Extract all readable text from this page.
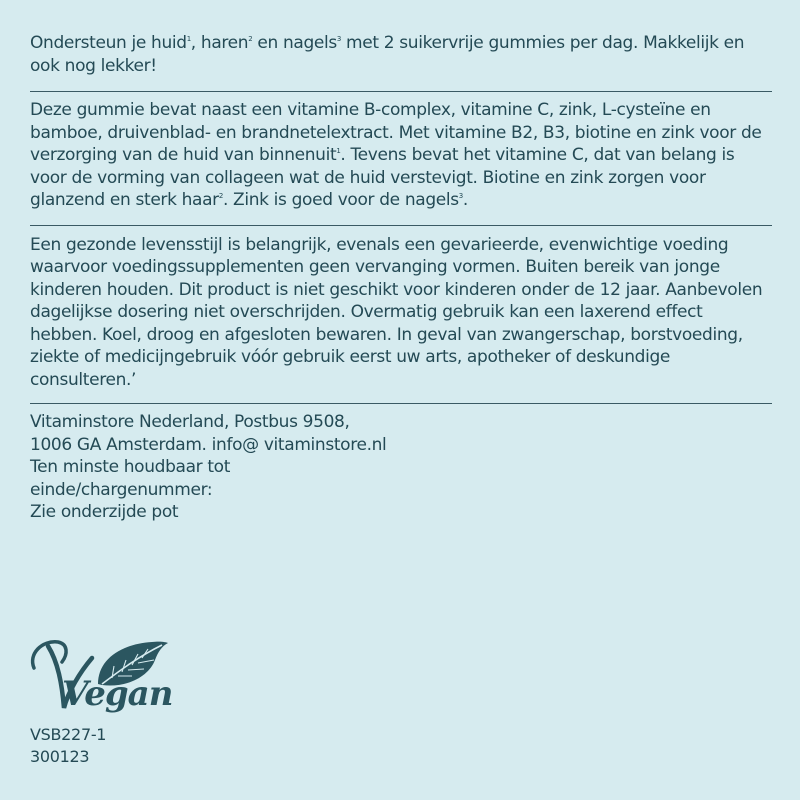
Ondersteun je huid$^1$, haren$^2$ en nagels$^3$ met 2 suikervrije gummies per dag. Makkelijk en ook nog lekker!

Deze gummie bevat naast een vitamine B-complex, vitamine C, zink, L-cysteïne en bamboe, druivenblad- en brandnetelextract. Met vitamine B2, B3, biotine en zink voor de verzorging van de huid van binnenuit$^1$. Tevens bevat het vitamine C, dat van belang is voor de vorming van collageen wat de huid verstevigt. Biotine en zink zorgen voor glanzend en sterk haar$^2$. Zink is goed voor de nagels$^3$.

Een gezonde levensstijl is belangrijk, evenals een gevarieerde, evenwichtige voeding waarvoor voedingssupplementen geen vervanging vormen. Buiten bereik van jonge kinderen houden. Dit product is niet geschikt voor kinderen onder de 12 jaar. Aanbevolen dagelijkse dosering niet overschrijden. Overmatig gebruik kan een laxerend effect hebben. Koel, droog en afgesloten bewaren. In geval van zwangerschap, borstvoeding, ziekte of medicijngebruik vóór gebruik eerst uw arts, apotheker of deskundige consulteren.’

Vitaminstore Nederland, Postbus 9508,
1006 GA Amsterdam. info@ vitaminstore.nl
Ten minste houdbaar tot
einde/chargenummer:
Zie onderzijde pot
Vegan
VSB227-1
300123
